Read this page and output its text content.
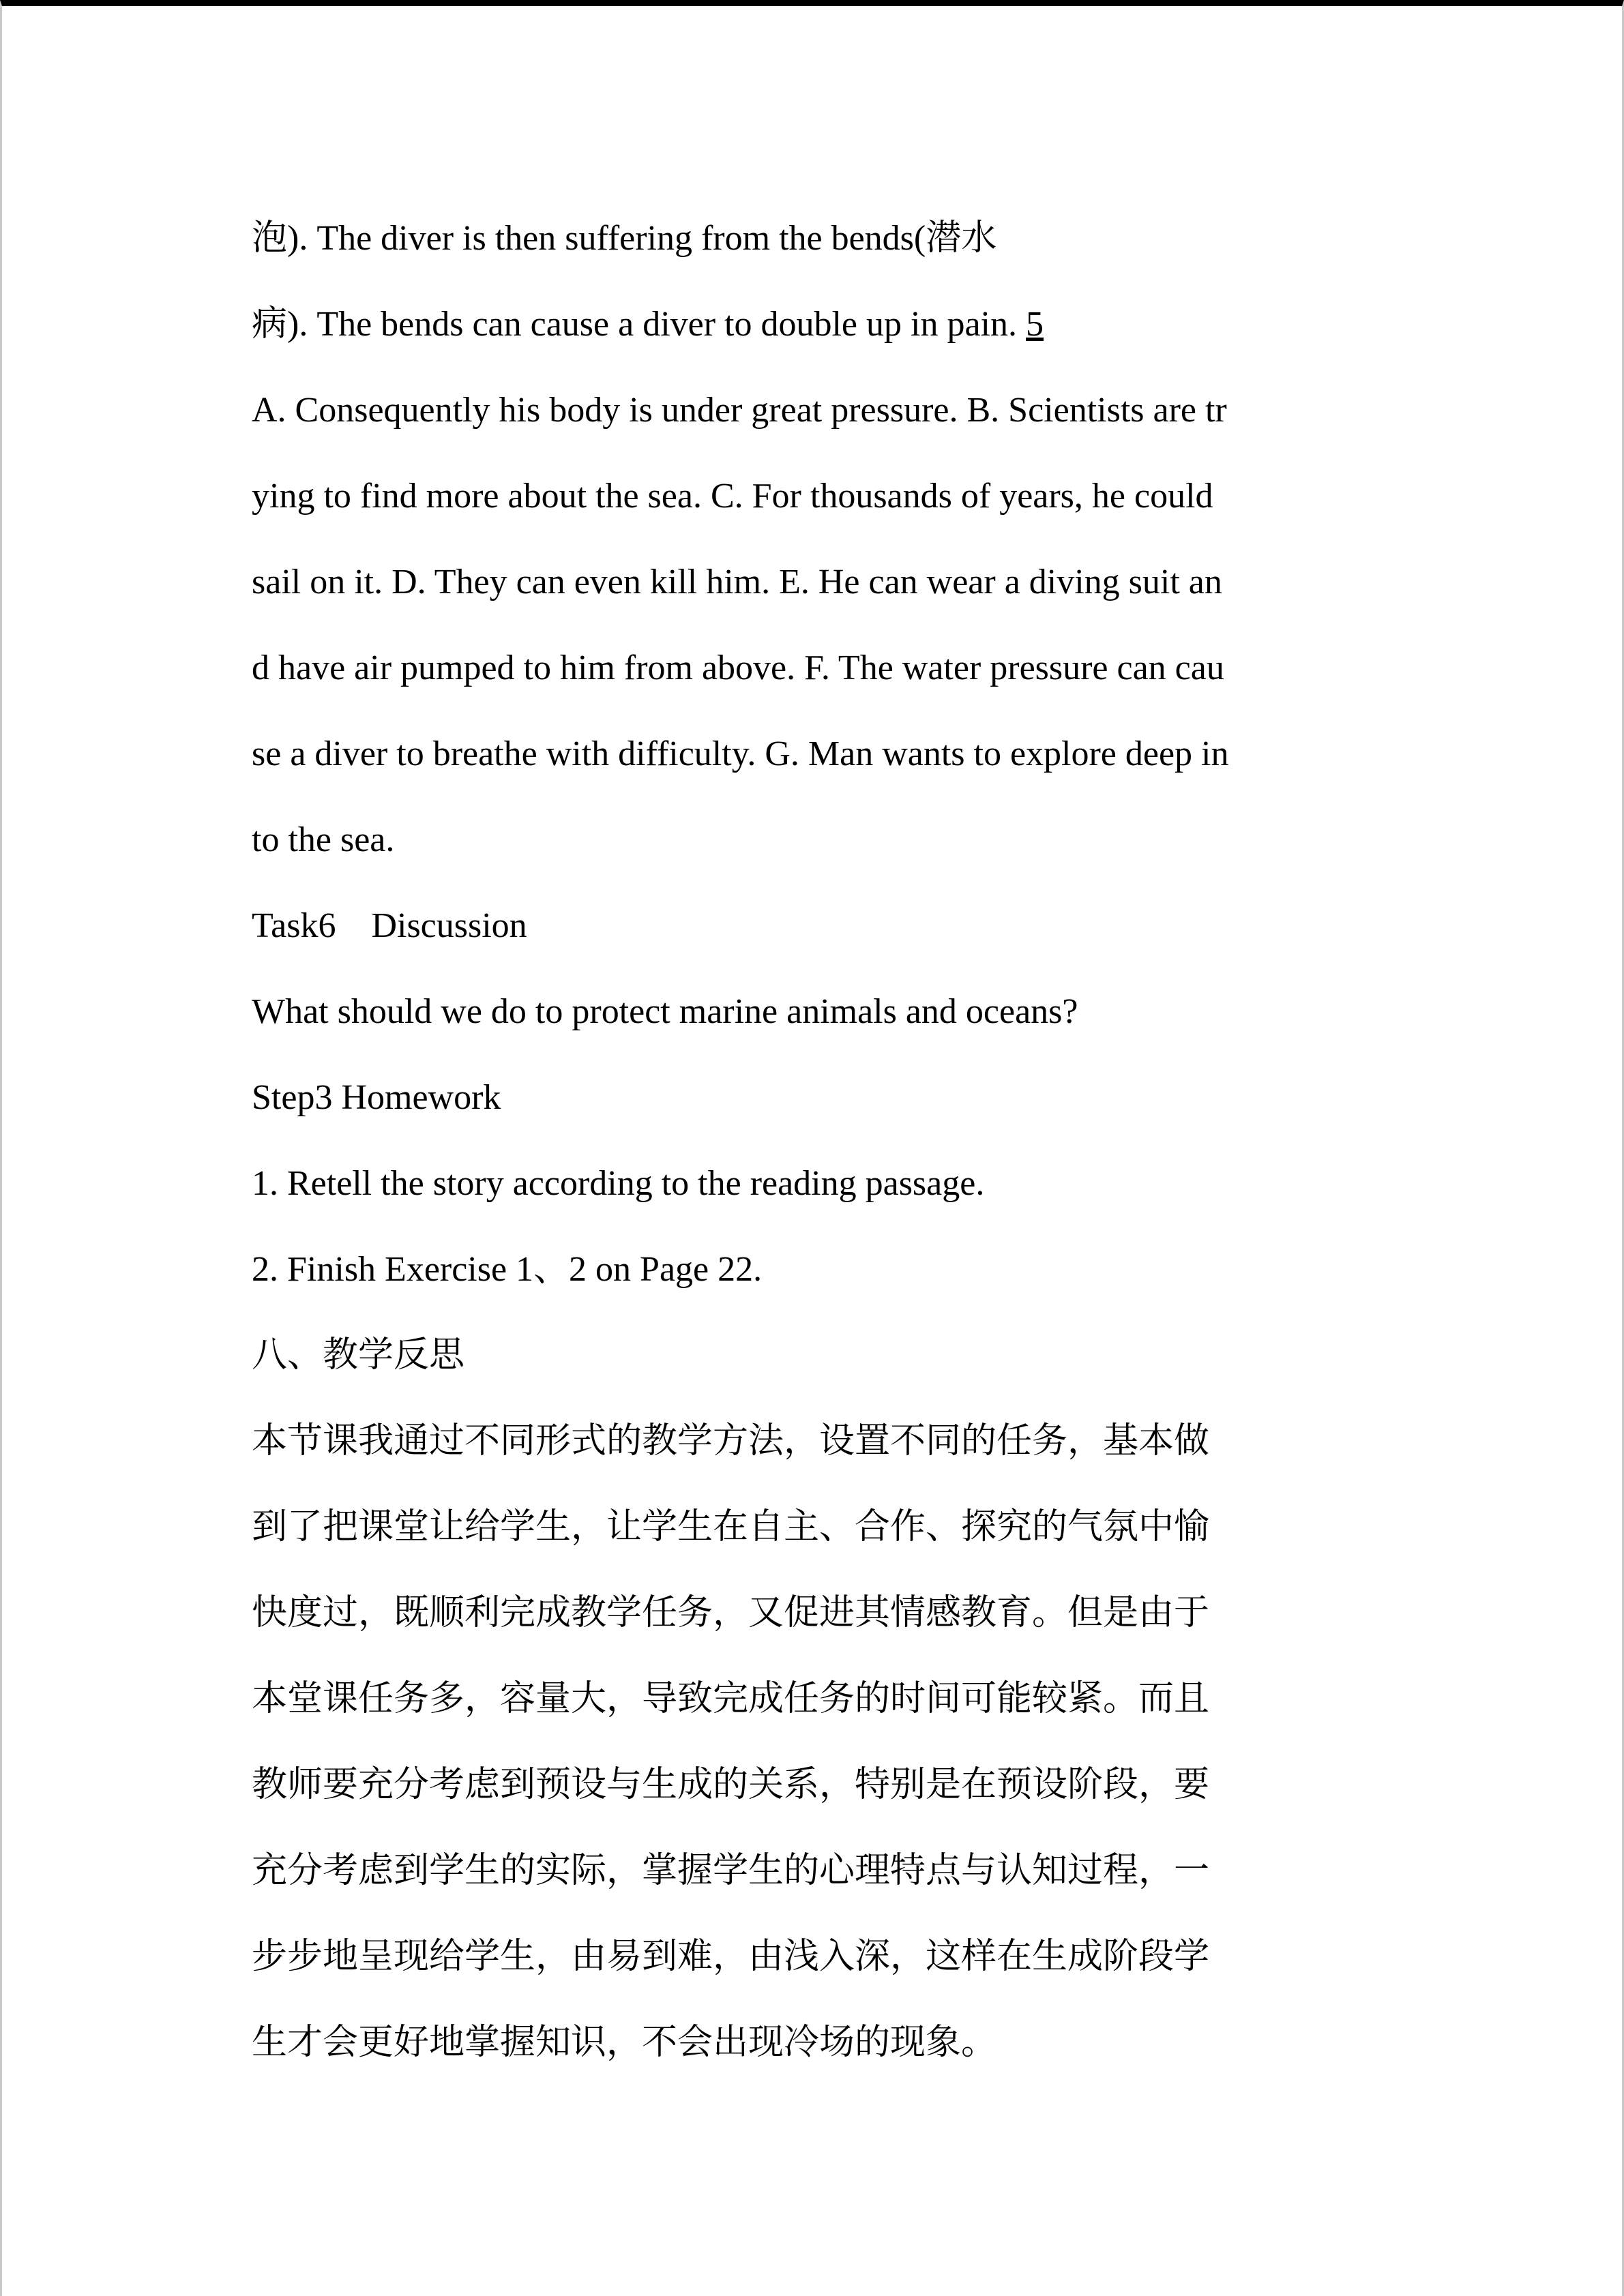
泡). The diver is then suffering from the bends(潜水

病). The bends can cause a diver to double up in pain. 5

A. Consequently his body is under great pressure. B. Scientists are tr

ying to find more about the sea. C. For thousands of years, he could

sail on it. D. They can even kill him. E. He can wear a diving suit an

d have air pumped to him from above. F. The water pressure can cau

se a diver to breathe with difficulty. G. Man wants to explore deep in

to the sea.

Task6　Discussion

What should we do to protect marine animals and oceans?

Step3 Homework

1. Retell the story according to the reading passage.

2. Finish Exercise 1、2 on Page 22.

八、教学反思

本节课我通过不同形式的教学方法，设置不同的任务，基本做

到了把课堂让给学生，让学生在自主、合作、探究的气氛中愉

快度过，既顺利完成教学任务，又促进其情感教育。但是由于

本堂课任务多，容量大，导致完成任务的时间可能较紧。而且

教师要充分考虑到预设与生成的关系，特别是在预设阶段，要

充分考虑到学生的实际，掌握学生的心理特点与认知过程，一

步步地呈现给学生，由易到难，由浅入深，这样在生成阶段学

生才会更好地掌握知识，不会出现冷场的现象。
